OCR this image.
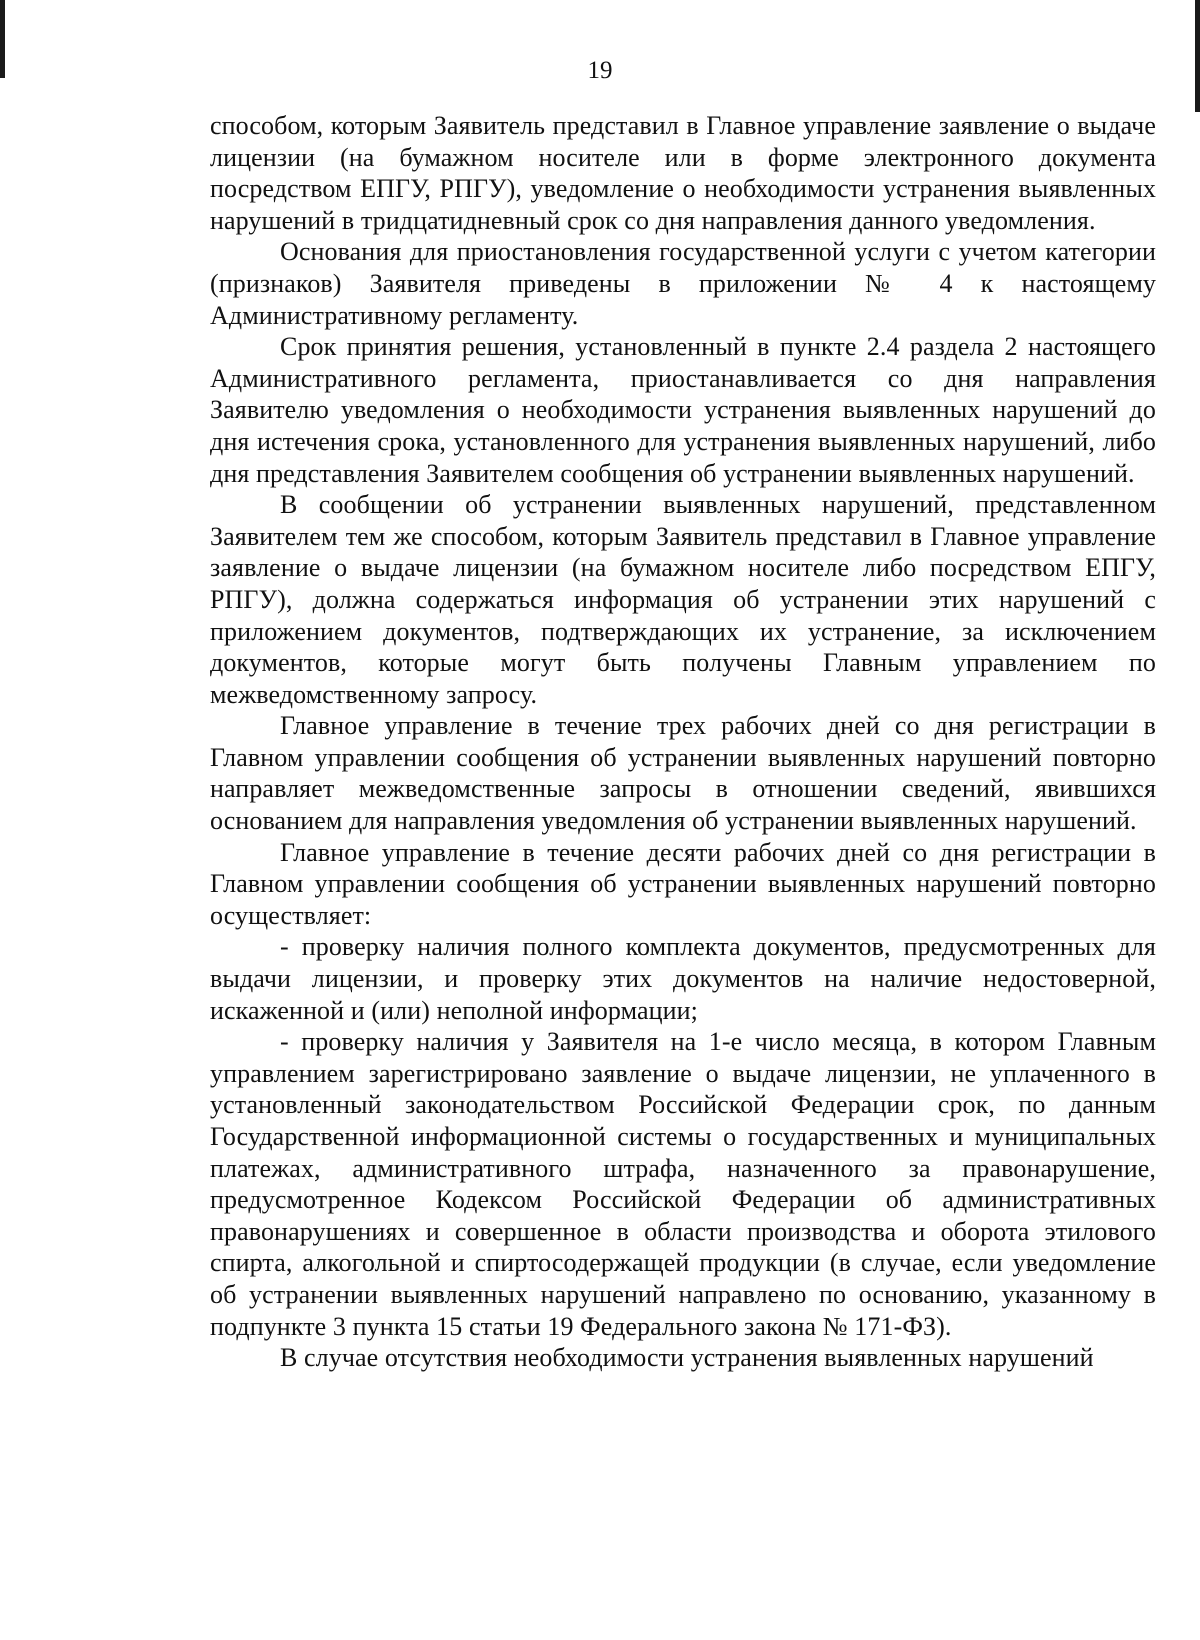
19

способом, которым Заявитель представил в Главное управление заявление о выдаче лицензии (на бумажном носителе или в форме электронного документа посредством ЕПГУ, РПГУ), уведомление о необходимости устранения выявленных нарушений в тридцатидневный срок со дня направления данного уведомления.

Основания для приостановления государственной услуги с учетом категории (признаков) Заявителя приведены в приложении № 4 к настоящему Административному регламенту.

Срок принятия решения, установленный в пункте 2.4 раздела 2 настоящего Административного регламента, приостанавливается со дня направления Заявителю уведомления о необходимости устранения выявленных нарушений до дня истечения срока, установленного для устранения выявленных нарушений, либо дня представления Заявителем сообщения об устранении выявленных нарушений.

В сообщении об устранении выявленных нарушений, представленном Заявителем тем же способом, которым Заявитель представил в Главное управление заявление о выдаче лицензии (на бумажном носителе либо посредством ЕПГУ, РПГУ), должна содержаться информация об устранении этих нарушений с приложением документов, подтверждающих их устранение, за исключением документов, которые могут быть получены Главным управлением по межведомственному запросу.

Главное управление в течение трех рабочих дней со дня регистрации в Главном управлении сообщения об устранении выявленных нарушений повторно направляет межведомственные запросы в отношении сведений, явившихся основанием для направления уведомления об устранении выявленных нарушений.

Главное управление в течение десяти рабочих дней со дня регистрации в Главном управлении сообщения об устранении выявленных нарушений повторно осуществляет:

- проверку наличия полного комплекта документов, предусмотренных для выдачи лицензии, и проверку этих документов на наличие недостоверной, искаженной и (или) неполной информации;

- проверку наличия у Заявителя на 1-е число месяца, в котором Главным управлением зарегистрировано заявление о выдаче лицензии, не уплаченного в установленный законодательством Российской Федерации срок, по данным Государственной информационной системы о государственных и муниципальных платежах, административного штрафа, назначенного за правонарушение, предусмотренное Кодексом Российской Федерации об административных правонарушениях и совершенное в области производства и оборота этилового спирта, алкогольной и спиртосодержащей продукции (в случае, если уведомление об устранении выявленных нарушений направлено по основанию, указанному в подпункте 3 пункта 15 статьи 19 Федерального закона № 171-ФЗ).

В случае отсутствия необходимости устранения выявленных нарушений
